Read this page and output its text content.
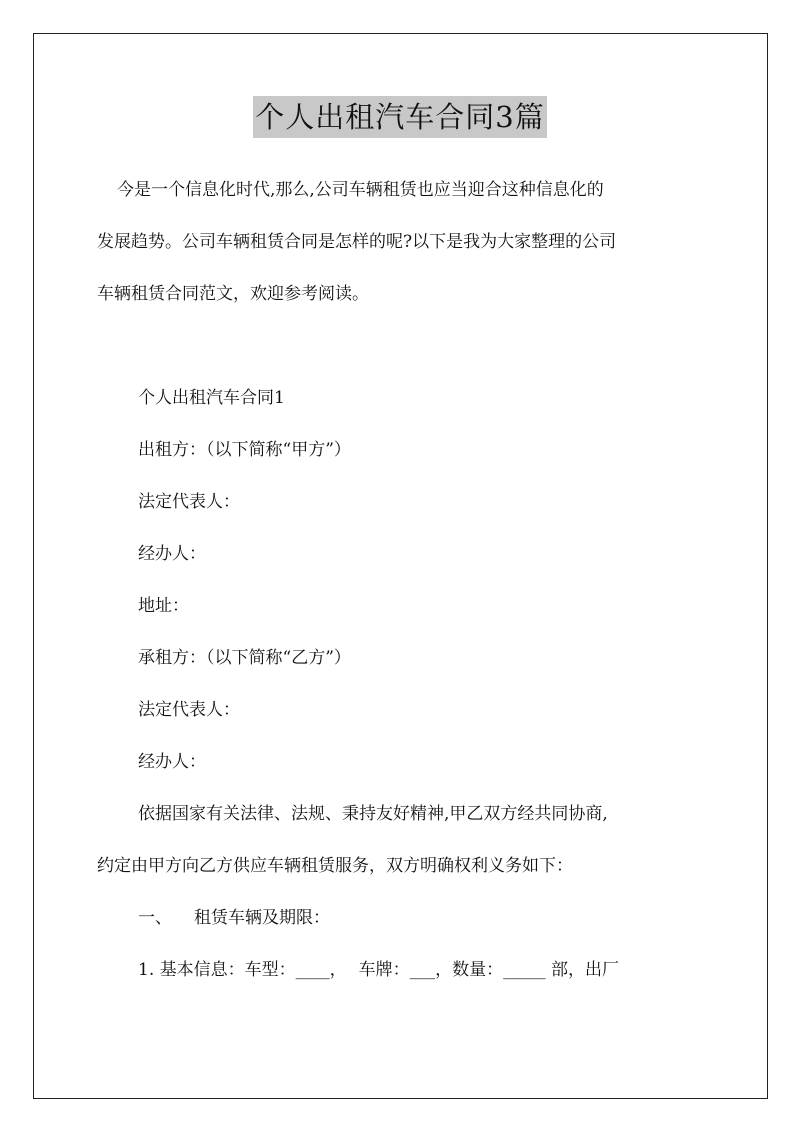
个人出租汽车合同3篇

今是一个信息化时代,那么,公司车辆租赁也应当迎合这种信息化的

发展趋势。公司车辆租赁合同是怎样的呢?以下是我为大家整理的公司

车辆租赁合同范文，欢迎参考阅读。

个人出租汽车合同1

出租方：（以下简称“甲方”）

法定代表人：

经办人：

地址：

承租方：（以下简称“乙方”）

法定代表人：

经办人：

依据国家有关法律、法规、秉持友好精神,甲乙双方经共同协商,

约定由甲方向乙方供应车辆租赁服务，双方明确权利义务如下：

一、 租赁车辆及期限：

1. 基本信息：车型：____， 车牌：___，数量：_____ 部，出厂
